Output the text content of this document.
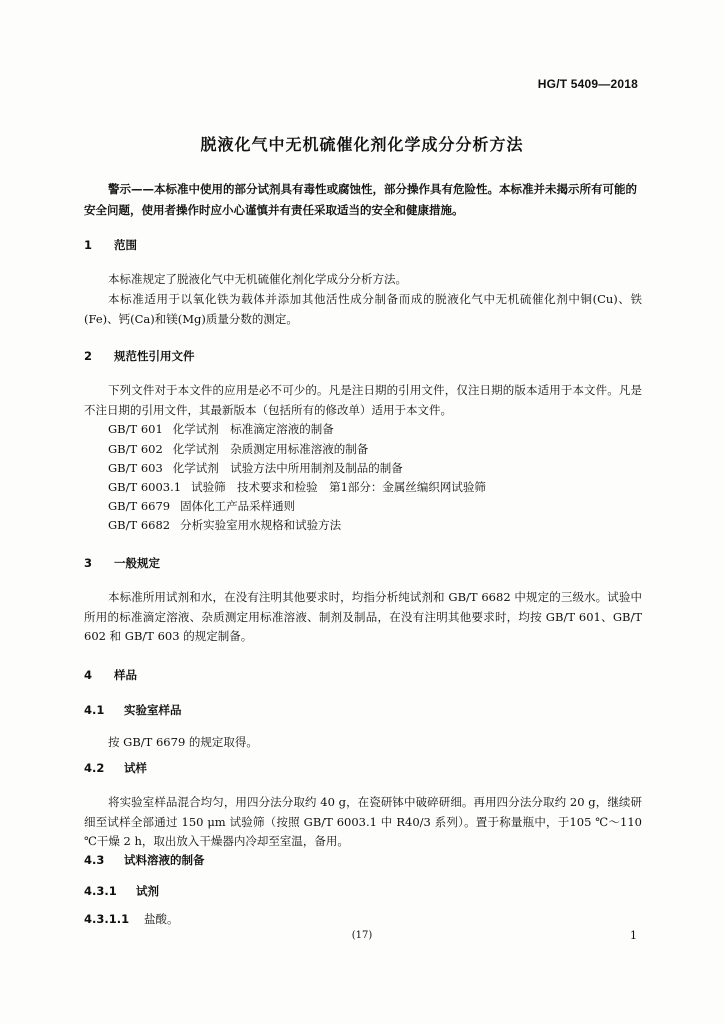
HG/T 5409—2018
脱液化气中无机硫催化剂化学成分分析方法
警示——本标准中使用的部分试剂具有毒性或腐蚀性，部分操作具有危险性。本标准并未揭示所有可能的安全问题，使用者操作时应小心谨慎并有责任采取适当的安全和健康措施。
1 范围
本标准规定了脱液化气中无机硫催化剂化学成分分析方法。
本标准适用于以氧化铁为载体并添加其他活性成分制备而成的脱液化气中无机硫催化剂中铜(Cu)、铁(Fe)、钙(Ca)和镁(Mg)质量分数的测定。
2 规范性引用文件
下列文件对于本文件的应用是必不可少的。凡是注日期的引用文件，仅注日期的版本适用于本文件。凡是不注日期的引用文件，其最新版本（包括所有的修改单）适用于本文件。
GB/T 601 化学试剂　标准滴定溶液的制备
GB/T 602 化学试剂　杂质测定用标准溶液的制备
GB/T 603 化学试剂　试验方法中所用制剂及制品的制备
GB/T 6003.1 试验筛　技术要求和检验　第1部分：金属丝编织网试验筛
GB/T 6679 固体化工产品采样通则
GB/T 6682 分析实验室用水规格和试验方法
3 一般规定
本标准所用试剂和水，在没有注明其他要求时，均指分析纯试剂和 GB/T 6682 中规定的三级水。试验中所用的标准滴定溶液、杂质测定用标准溶液、制剂及制品，在没有注明其他要求时，均按 GB/T 601、GB/T 602 和 GB/T 603 的规定制备。
4 样品
4.1 实验室样品
按 GB/T 6679 的规定取得。
4.2 试样
将实验室样品混合均匀，用四分法分取约 40 g，在瓷研钵中破碎研细。再用四分法分取约 20 g，继续研细至试样全部通过 150 μm 试验筛（按照 GB/T 6003.1 中 R40/3 系列）。置于称量瓶中，于105 ℃～110 ℃干燥 2 h，取出放入干燥器内冷却至室温，备用。
4.3 试料溶液的制备
4.3.1 试剂
4.3.1.1 盐酸。
(17)	1
